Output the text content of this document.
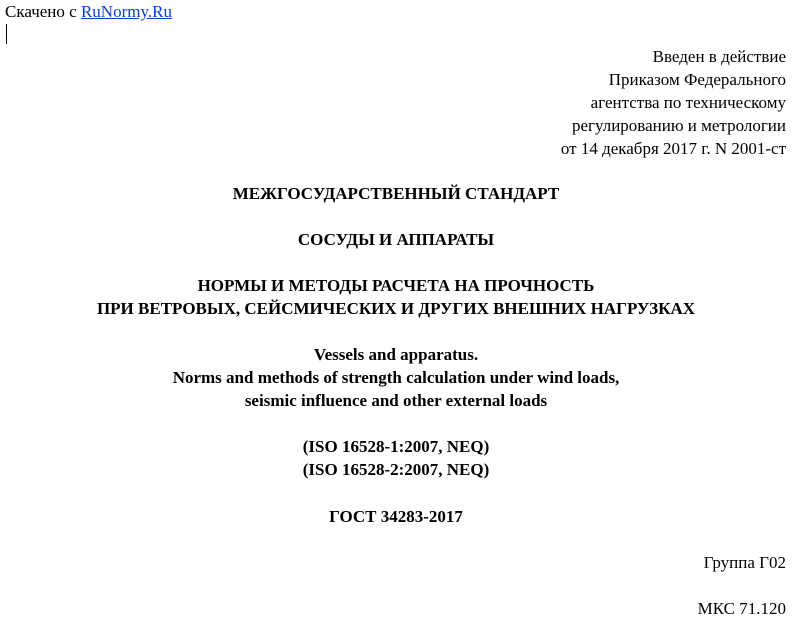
Скачено с RuNormy.Ru
Введен в действие
Приказом Федерального
агентства по техническому
регулированию и метрологии
от 14 декабря 2017 г. N 2001-ст
МЕЖГОСУДАРСТВЕННЫЙ СТАНДАРТ
СОСУДЫ И АППАРАТЫ
НОРМЫ И МЕТОДЫ РАСЧЕТА НА ПРОЧНОСТЬ
ПРИ ВЕТРОВЫХ, СЕЙСМИЧЕСКИХ И ДРУГИХ ВНЕШНИХ НАГРУЗКАХ
Vessels and apparatus.
Norms and methods of strength calculation under wind loads,
seismic influence and other external loads
(ISO 16528-1:2007, NEQ)
(ISO 16528-2:2007, NEQ)
ГОСТ 34283-2017
Группа Г02
МКС 71.120
